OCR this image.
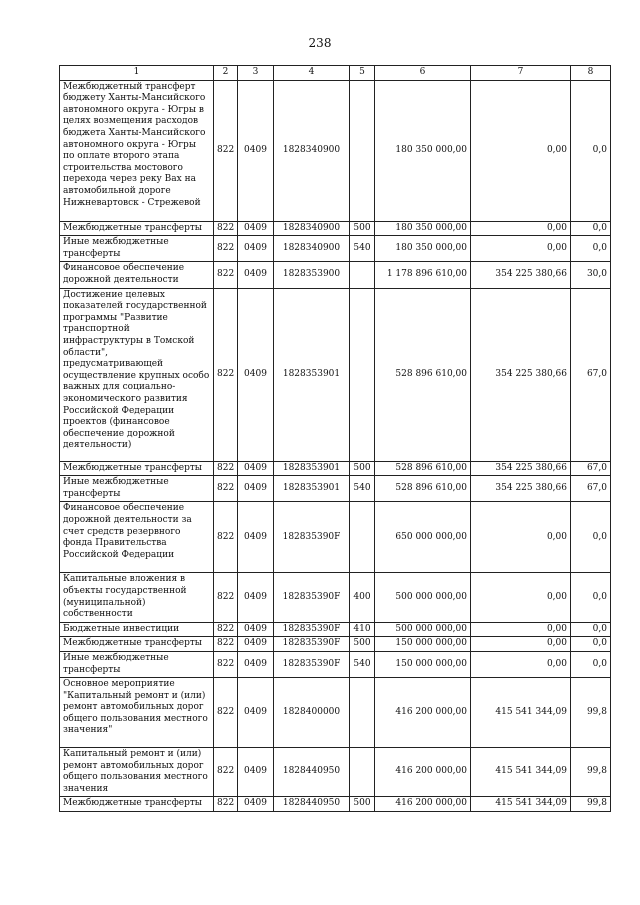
238
1	2	3	4	5	6	7	8
Межбюджетный трансферт бюджету Ханты-Мансийского автономного округа - Югры в целях возмещения расходов бюджета Ханты-Мансийского автономного округа - Югры по оплате второго этапа строительства мостового перехода через реку Вах на автомобильной дороге Нижневартовск - Стрежевой	822	0409	1828340900		180 350 000,00	0,00	0,0
Межбюджетные трансферты	822	0409	1828340900	500	180 350 000,00	0,00	0,0
Иные межбюджетные трансферты	822	0409	1828340900	540	180 350 000,00	0,00	0,0
Финансовое обеспечение дорожной деятельности	822	0409	1828353900		1 178 896 610,00	354 225 380,66	30,0
Достижение целевых показателей государственной программы "Развитие транспортной инфраструктуры в Томской области", предусматривающей осуществление крупных особо важных для социально-экономического развития Российской Федерации проектов (финансовое обеспечение дорожной деятельности)	822	0409	1828353901		528 896 610,00	354 225 380,66	67,0
Межбюджетные трансферты	822	0409	1828353901	500	528 896 610,00	354 225 380,66	67,0
Иные межбюджетные трансферты	822	0409	1828353901	540	528 896 610,00	354 225 380,66	67,0
Финансовое обеспечение дорожной деятельности за счет средств резервного фонда Правительства Российской Федерации	822	0409	182835390F		650 000 000,00	0,00	0,0
Капитальные вложения в объекты государственной (муниципальной) собственности	822	0409	182835390F	400	500 000 000,00	0,00	0,0
Бюджетные инвестиции	822	0409	182835390F	410	500 000 000,00	0,00	0,0
Межбюджетные трансферты	822	0409	182835390F	500	150 000 000,00	0,00	0,0
Иные межбюджетные трансферты	822	0409	182835390F	540	150 000 000,00	0,00	0,0
Основное мероприятие "Капитальный ремонт и (или) ремонт автомобильных дорог общего пользования местного значения"	822	0409	1828400000		416 200 000,00	415 541 344,09	99,8
Капитальный ремонт и (или) ремонт автомобильных дорог общего пользования местного значения	822	0409	1828440950		416 200 000,00	415 541 344,09	99,8
Межбюджетные трансферты	822	0409	1828440950	500	416 200 000,00	415 541 344,09	99,8
